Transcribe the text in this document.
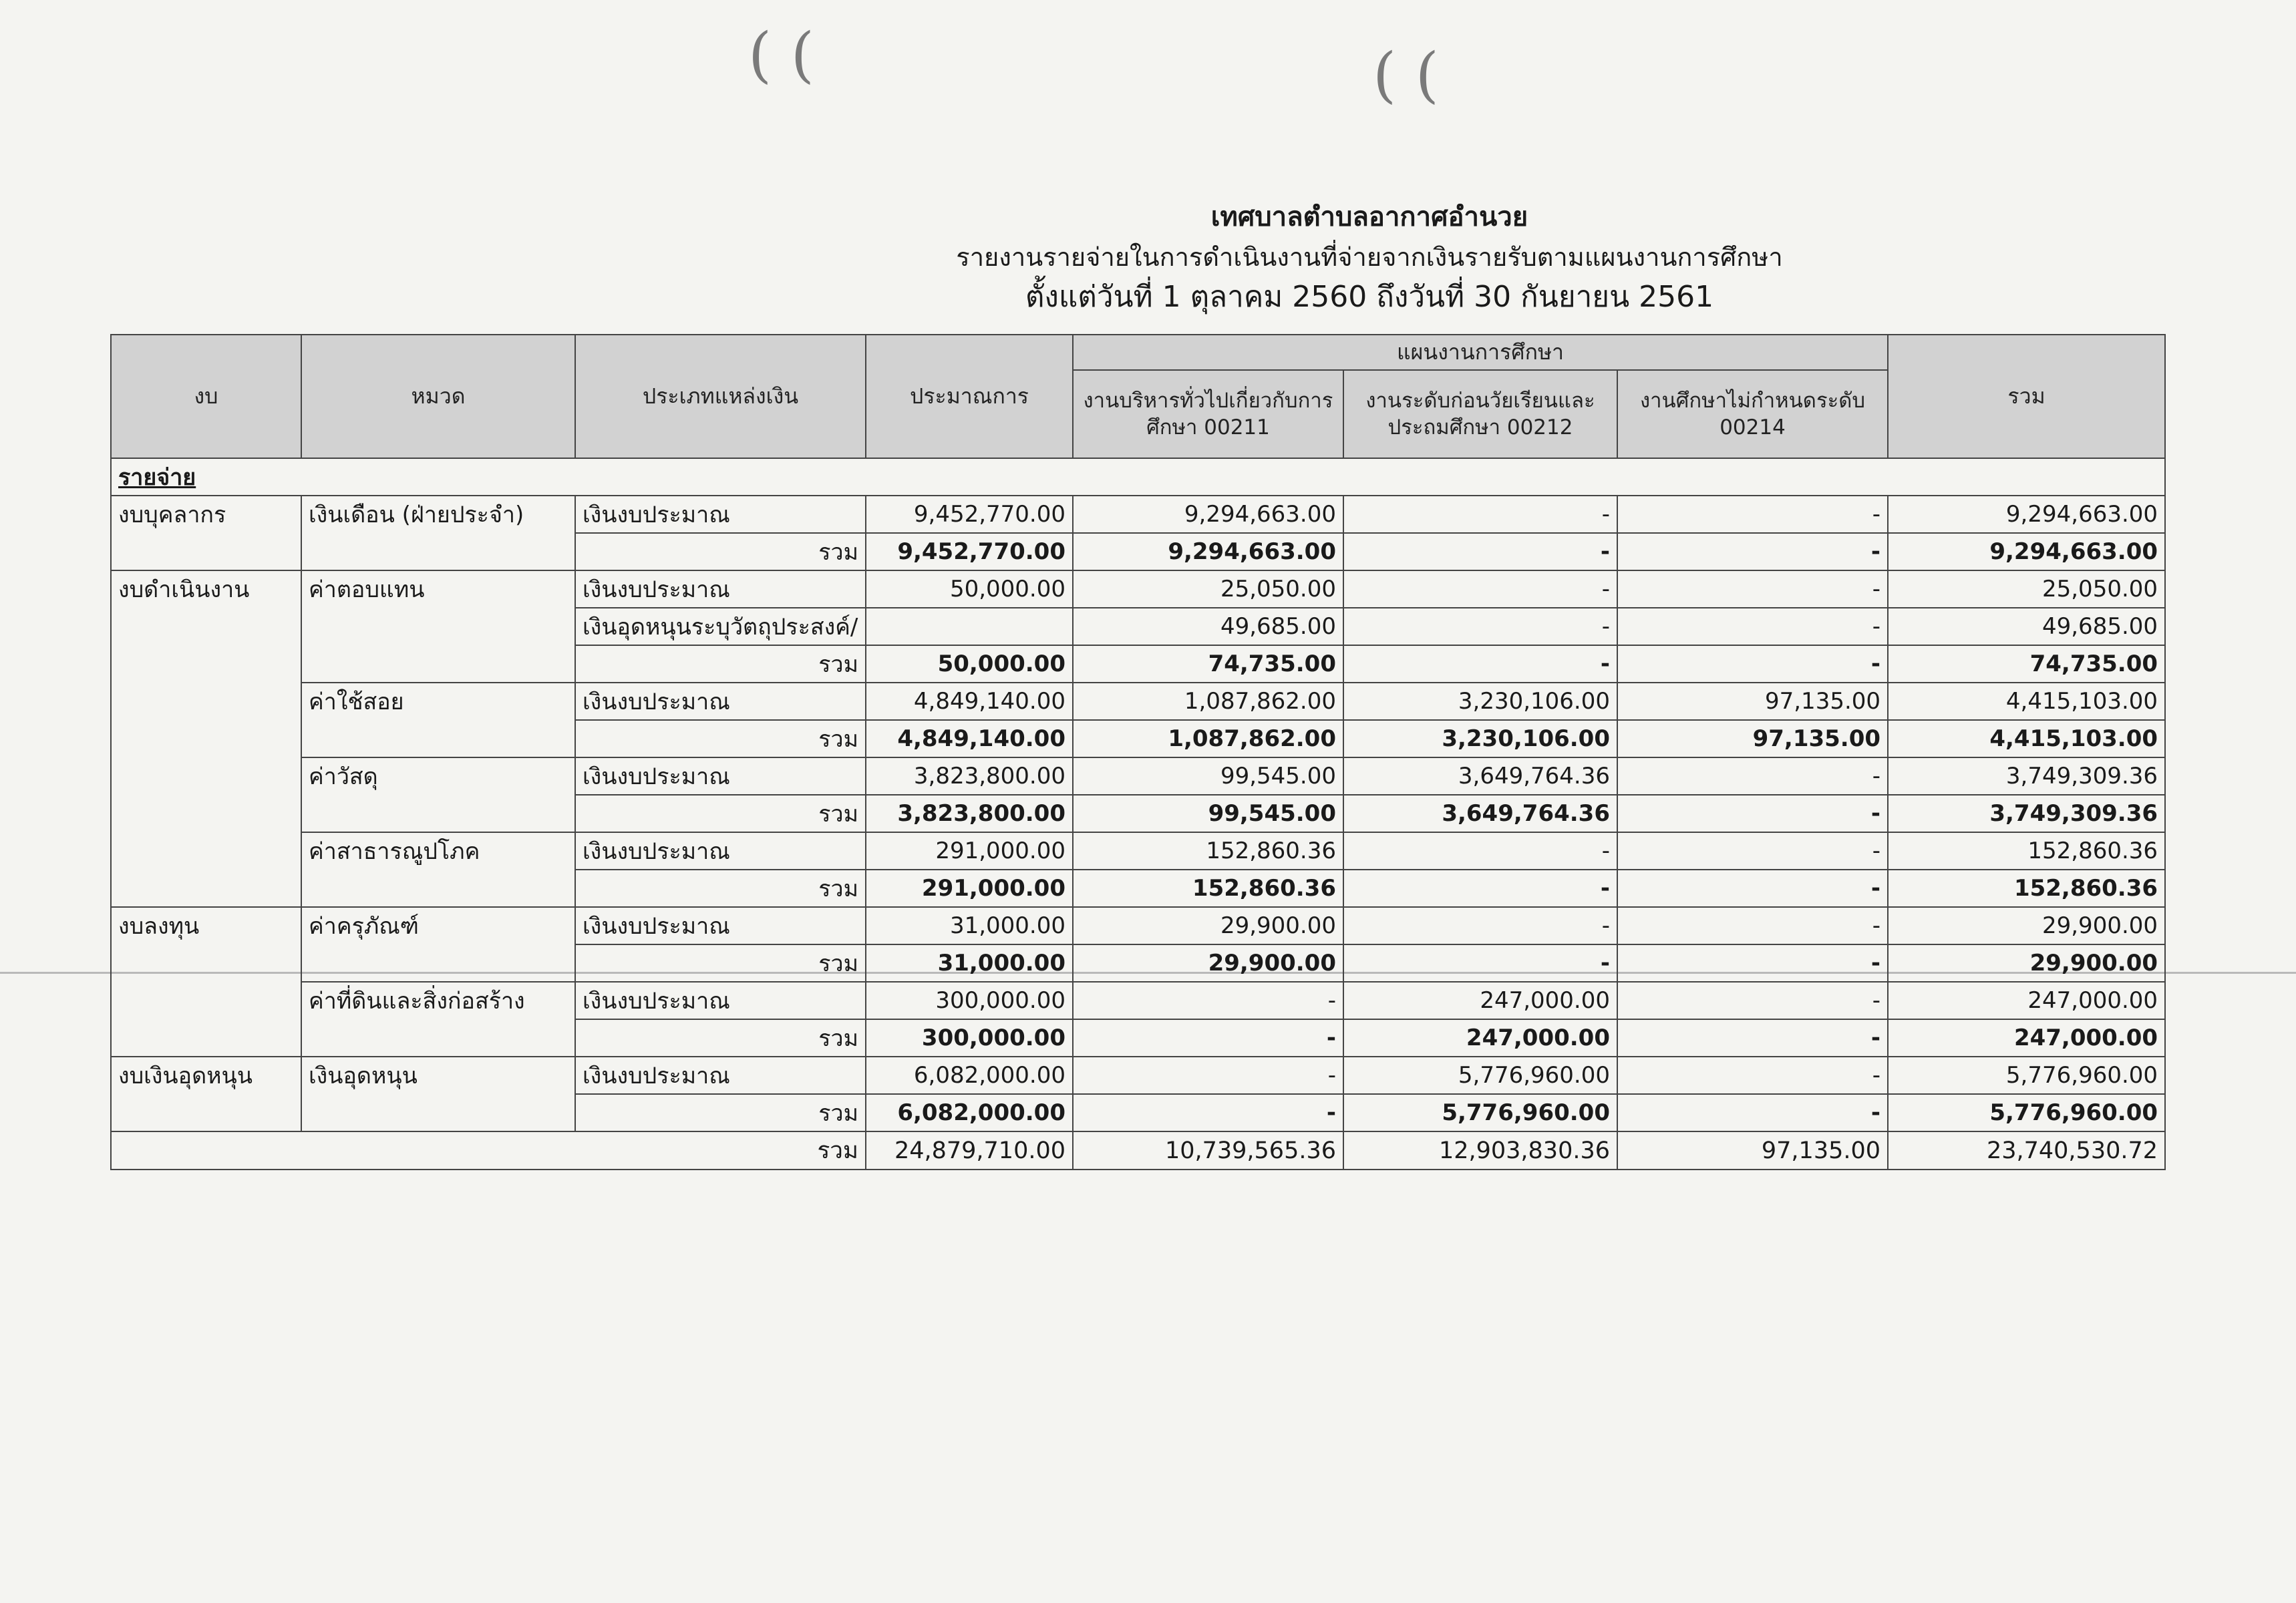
( (	( (
เทศบาลตำบลอากาศอำนวย
รายงานรายจ่ายในการดำเนินงานที่จ่ายจากเงินรายรับตามแผนงานการศึกษา
ตั้งแต่วันที่ 1 ตุลาคม 2560 ถึงวันที่ 30 กันยายน 2561
งบ	หมวด	ประเภทแหล่งเงิน	ประมาณการ	แผนงานการศึกษา			รวม
				งานบริหารทั่วไปเกี่ยวกับการศึกษา 00211	งานระดับก่อนวัยเรียนและประถมศึกษา 00212	งานศึกษาไม่กำหนดระดับ 00214	
รายจ่าย							
งบบุคลากร	เงินเดือน (ฝ่ายประจำ)	เงินงบประมาณ	9,452,770.00	9,294,663.00	-	-	9,294,663.00
		รวม	9,452,770.00	9,294,663.00	-	-	9,294,663.00
งบดำเนินงาน	ค่าตอบแทน	เงินงบประมาณ	50,000.00	25,050.00	-	-	25,050.00
		เงินอุดหนุนระบุวัตถุประสงค์/		49,685.00	-	-	49,685.00
		รวม	50,000.00	74,735.00	-	-	74,735.00
	ค่าใช้สอย	เงินงบประมาณ	4,849,140.00	1,087,862.00	3,230,106.00	97,135.00	4,415,103.00
		รวม	4,849,140.00	1,087,862.00	3,230,106.00	97,135.00	4,415,103.00
	ค่าวัสดุ	เงินงบประมาณ	3,823,800.00	99,545.00	3,649,764.36	-	3,749,309.36
		รวม	3,823,800.00	99,545.00	3,649,764.36	-	3,749,309.36
	ค่าสาธารณูปโภค	เงินงบประมาณ	291,000.00	152,860.36	-	-	152,860.36
		รวม	291,000.00	152,860.36	-	-	152,860.36
งบลงทุน	ค่าครุภัณฑ์	เงินงบประมาณ	31,000.00	29,900.00	-	-	29,900.00
		รวม	31,000.00	29,900.00	-	-	29,900.00
	ค่าที่ดินและสิ่งก่อสร้าง	เงินงบประมาณ	300,000.00	-	247,000.00	-	247,000.00
		รวม	300,000.00	-	247,000.00	-	247,000.00
งบเงินอุดหนุน	เงินอุดหนุน	เงินงบประมาณ	6,082,000.00	-	5,776,960.00	-	5,776,960.00
		รวม	6,082,000.00	-	5,776,960.00	-	5,776,960.00
รวม			24,879,710.00	10,739,565.36	12,903,830.36	97,135.00	23,740,530.72
